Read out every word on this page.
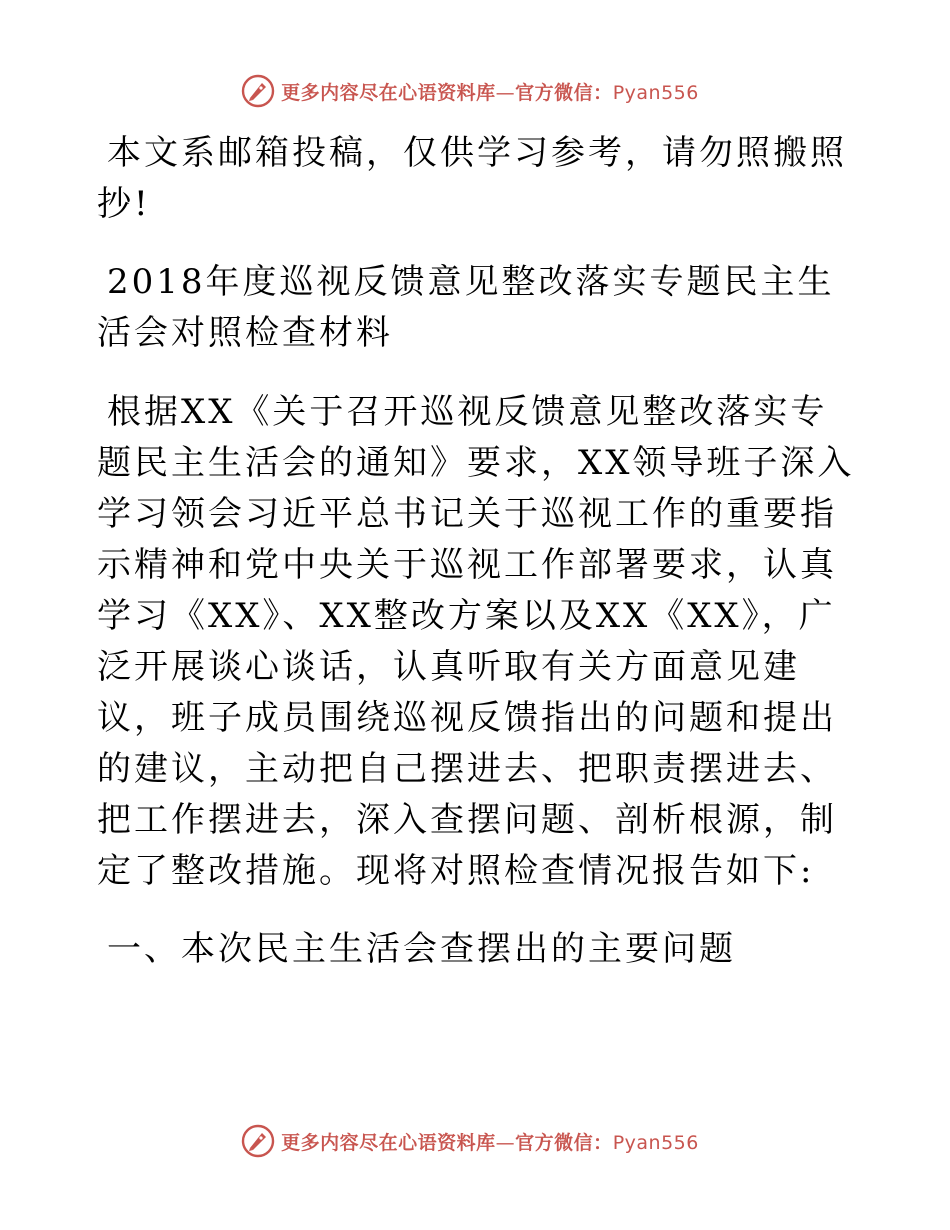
更多内容尽在心语资料库—官方微信：Pyan556

本文系邮箱投稿，仅供学习参考，请勿照搬照抄!

2018年度巡视反馈意见整改落实专题民主生活会对照检查材料

根据XX《关于召开巡视反馈意见整改落实专题民主生活会的通知》要求，XX领导班子深入学习领会习近平总书记关于巡视工作的重要指示精神和党中央关于巡视工作部署要求，认真学习《XX》、XX整改方案以及XX《XX》，广泛开展谈心谈话，认真听取有关方面意见建议，班子成员围绕巡视反馈指出的问题和提出的建议，主动把自己摆进去、把职责摆进去、把工作摆进去，深入查摆问题、剖析根源，制定了整改措施。现将对照检查情况报告如下:

一、本次民主生活会查摆出的主要问题

更多内容尽在心语资料库—官方微信：Pyan556
